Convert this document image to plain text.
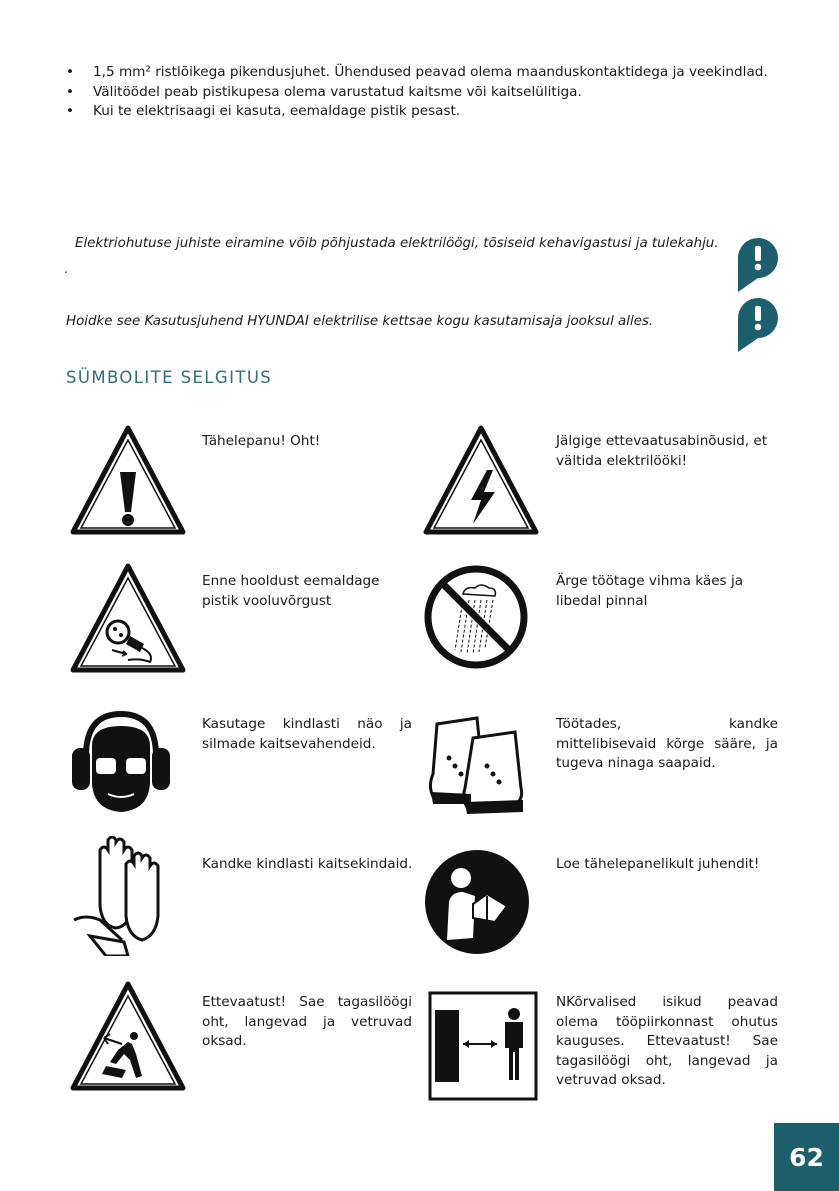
• 1,5 mm² ristlõikega pikendusjuhet. Ühendused peavad olema maanduskontaktidega ja veekindlad.
• Välitöödel peab pistikupesa olema varustatud kaitsme või kaitselülitiga.
• Kui te elektrisaagi ei kasuta, eemaldage pistik pesast.
Elektriohutuse juhiste eiramine võib põhjustada elektrilöögi, tõsiseid kehavigastusi ja tulekahju.
.
Hoidke see Kasutusjuhend HYUNDAI elektrilise kettsae kogu kasutamisaja jooksul alles.
SÜMBOLITE SELGITUS
Tähelepanu! Oht!	Jälgige ettevaatusabinõusid, et vältida elektrilööki!
Enne hooldust eemaldage pistik vooluvõrgust
Ärge töötage vihma käes ja libedal pinnal
Kasutage kindlasti näo ja silmade kaitsevahendeid.
Töötades, kandke mittelibisevaid kõrge sääre, ja tugeva ninaga saapaid.
Kandke kindlasti kaitsekindaid.	Loe tähelepanelikult juhendit!
Ettevaatust! Sae tagasilöögi oht, langevad ja vetruvad oksad.
NKõrvalised isikud peavad olema tööpiirkonnast ohutus kauguses. Ettevaatust! Sae tagasilöögi oht, langevad ja vetruvad oksad.
62
